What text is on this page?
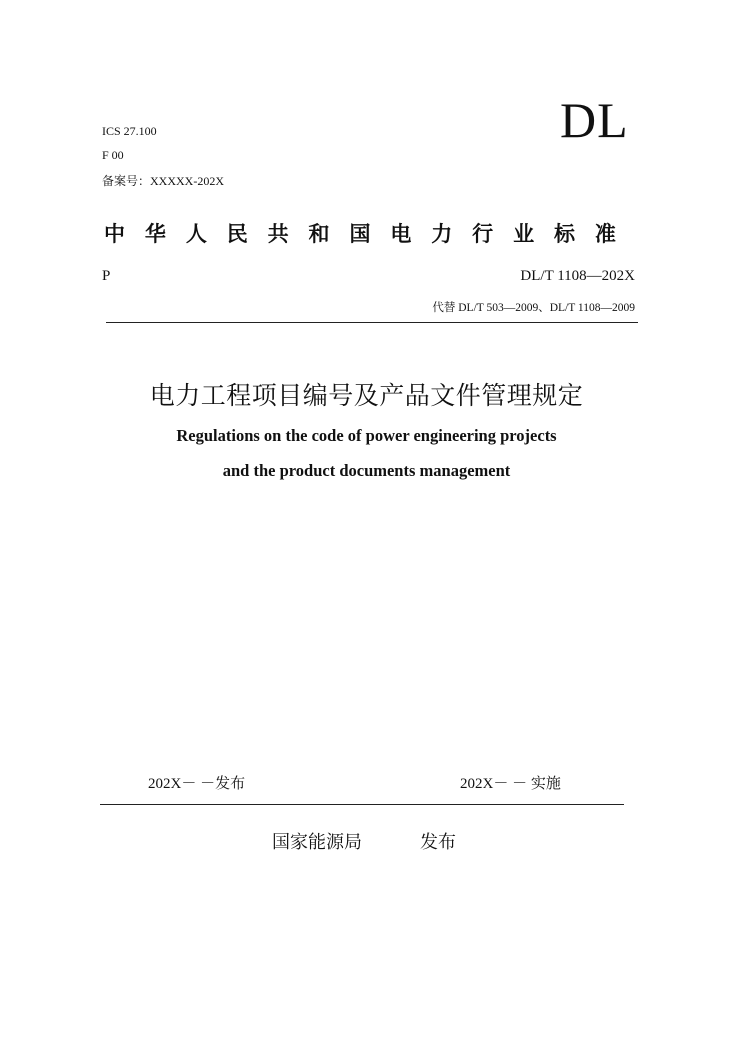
ICS 27.100
F 00
备案号：XXXXX-202X
DL
中 华 人 民 共 和 国 电 力 行 业 标 准
P	DL/T 1108—202X
代替 DL/T 503—2009、DL/T 1108—2009
电力工程项目编号及产品文件管理规定
Regulations on the code of power engineering projects
and the product documents management
202X－ －发布	202X－ － 实施
国家能源局	发布
